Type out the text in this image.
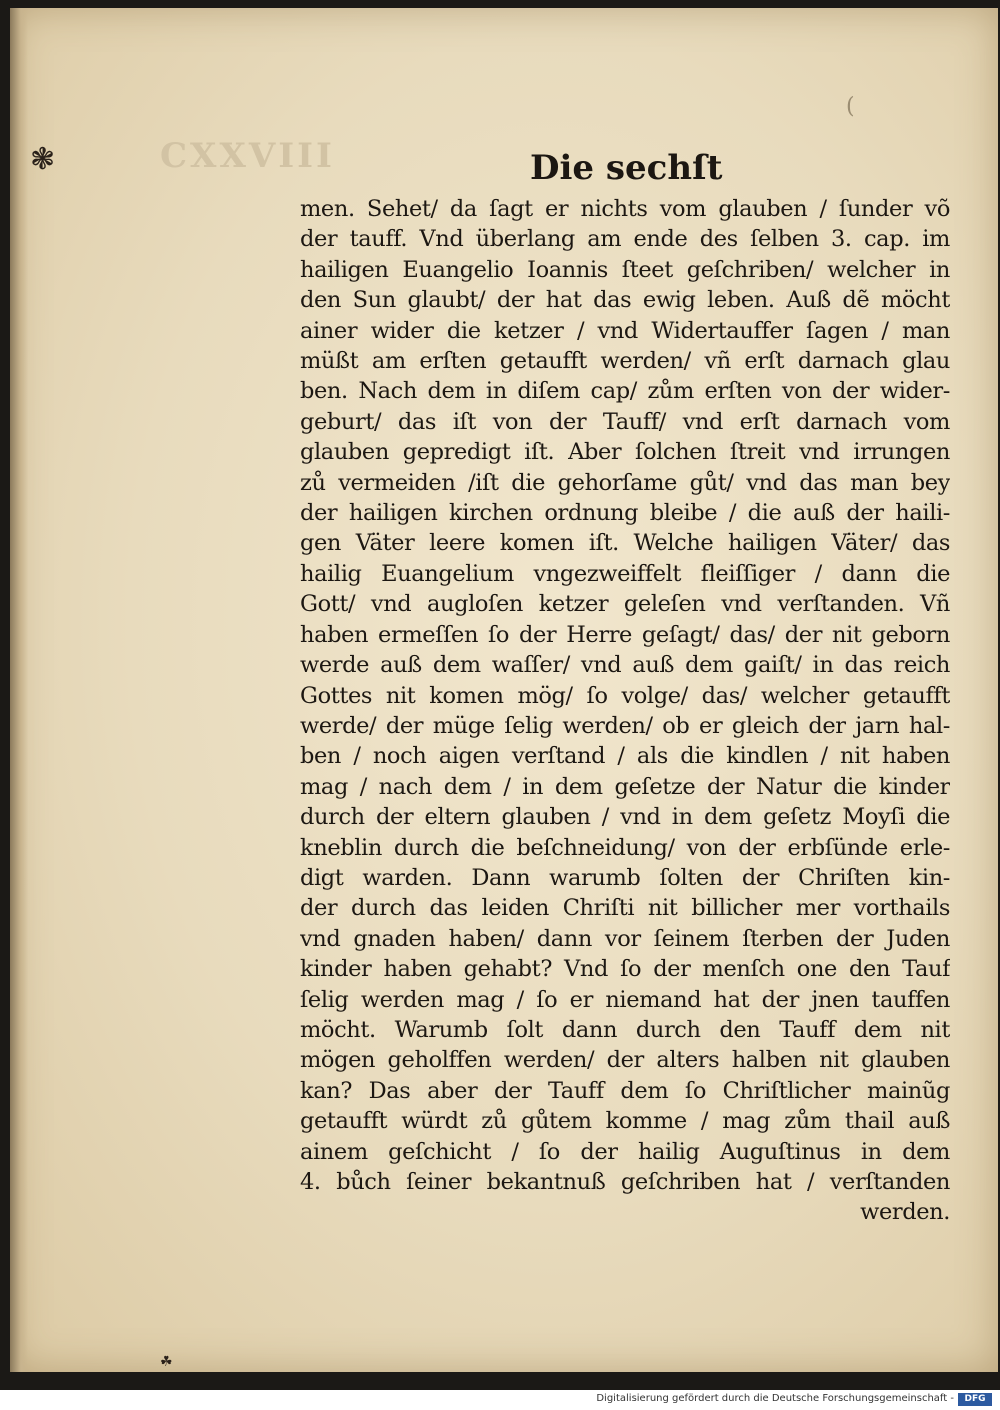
(
❃	CXXVIII	Die sechſt
men. Sehet/ da ſagt er nichts vom glauben / ſunder võ
der tauff. Vnd überlang am ende des ſelben 3. cap. im
hailigen Euangelio Ioannis ſteet geſchriben/ welcher in
den Sun glaubt/ der hat das ewig leben. Auß dẽ möcht
ainer wider die ketzer / vnd Widertauffer ſagen / man
müßt am erſten getaufft werden/ vñ erſt darnach glau
ben. Nach dem in diſem cap/ zům erſten von der wider-
geburt/ das iſt von der Tauff/ vnd erſt darnach vom
glauben gepredigt iſt. Aber ſolchen ſtreit vnd irrungen
zů vermeiden /iſt die gehorſame gůt/ vnd das man bey
der hailigen kirchen ordnung bleibe / die auß der haili-
gen Väter leere komen iſt. Welche hailigen Väter/ das
hailig Euangelium vngezweiffelt fleiſſiger / dann die
Gott/ vnd augloſen ketzer geleſen vnd verſtanden. Vñ
haben ermeſſen ſo der Herre geſagt/ das/ der nit geborn
werde auß dem waſſer/ vnd auß dem gaiſt/ in das reich
Gottes nit komen mög/ ſo volge/ das/ welcher getaufft
werde/ der müge ſelig werden/ ob er gleich der jarn hal-
ben / noch aigen verſtand / als die kindlen / nit haben
mag / nach dem / in dem geſetze der Natur die kinder
durch der eltern glauben / vnd in dem geſetz Moyſi die
kneblin durch die beſchneidung/ von der erbſünde erle-
digt warden. Dann warumb ſolten der Chriſten kin-
der durch das leiden Chriſti nit billicher mer vorthails
vnd gnaden haben/ dann vor ſeinem ſterben der Juden
kinder haben gehabt? Vnd ſo der menſch one den Tauf
ſelig werden mag / ſo er niemand hat der jnen tauffen
möcht. Warumb ſolt dann durch den Tauff dem nit
mögen geholffen werden/ der alters halben nit glauben
kan? Das aber der Tauff dem ſo Chriſtlicher mainũg
getaufft würdt zů gůtem komme / mag zům thail auß
ainem geſchicht / ſo der hailig Auguſtinus in dem
4. bůch ſeiner bekantnuß geſchriben hat / verſtanden
werden.
☘
Digitalisierung gefördert durch die Deutsche Forschungsgemeinschaft -	DFG
